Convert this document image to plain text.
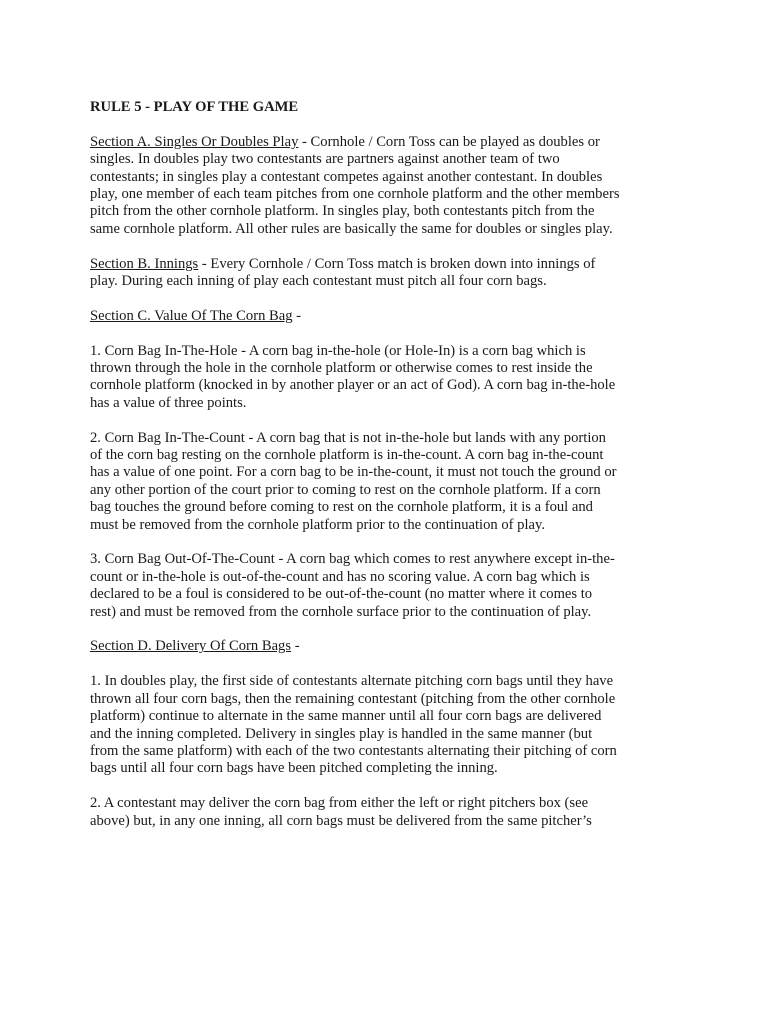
RULE 5 - PLAY OF THE GAME

Section A. Singles Or Doubles Play - Cornhole / Corn Toss can be played as doubles or singles. In doubles play two contestants are partners against another team of two contestants; in singles play a contestant competes against another contestant. In doubles play, one member of each team pitches from one cornhole platform and the other members pitch from the other cornhole platform. In singles play, both contestants pitch from the same cornhole platform. All other rules are basically the same for doubles or singles play.

Section B. Innings - Every Cornhole / Corn Toss match is broken down into innings of play. During each inning of play each contestant must pitch all four corn bags.

Section C. Value Of The Corn Bag -

1. Corn Bag In-The-Hole - A corn bag in-the-hole (or Hole-In) is a corn bag which is thrown through the hole in the cornhole platform or otherwise comes to rest inside the cornhole platform (knocked in by another player or an act of God). A corn bag in-the-hole has a value of three points.

2. Corn Bag In-The-Count - A corn bag that is not in-the-hole but lands with any portion of the corn bag resting on the cornhole platform is in-the-count. A corn bag in-the-count has a value of one point. For a corn bag to be in-the-count, it must not touch the ground or any other portion of the court prior to coming to rest on the cornhole platform. If a corn bag touches the ground before coming to rest on the cornhole platform, it is a foul and must be removed from the cornhole platform prior to the continuation of play.

3. Corn Bag Out-Of-The-Count - A corn bag which comes to rest anywhere except in-the-count or in-the-hole is out-of-the-count and has no scoring value. A corn bag which is declared to be a foul is considered to be out-of-the-count (no matter where it comes to rest) and must be removed from the cornhole surface prior to the continuation of play.

Section D. Delivery Of Corn Bags -

1. In doubles play, the first side of contestants alternate pitching corn bags until they have thrown all four corn bags, then the remaining contestant (pitching from the other cornhole platform) continue to alternate in the same manner until all four corn bags are delivered and the inning completed. Delivery in singles play is handled in the same manner (but from the same platform) with each of the two contestants alternating their pitching of corn bags until all four corn bags have been pitched completing the inning.

2. A contestant may deliver the corn bag from either the left or right pitchers box (see above) but, in any one inning, all corn bags must be delivered from the same pitcher’s
